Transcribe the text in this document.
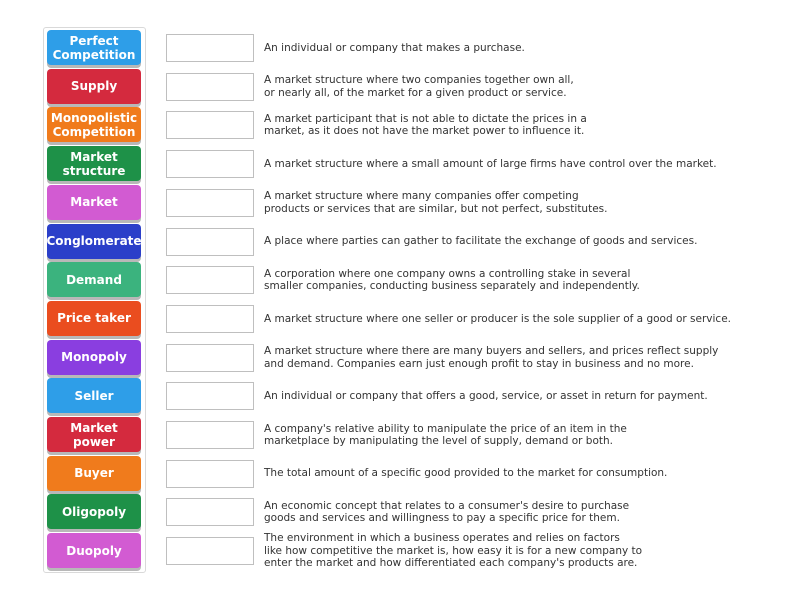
Perfect Competition
Supply
Monopolistic Competition
Market structure
Market
Conglomerate
Demand
Price taker
Monopoly
Seller
Market power
Buyer
Oligopoly
Duopoly
An individual or company that makes a purchase.
A market structure where two companies together own all,
or nearly all, of the market for a given product or service.
A market participant that is not able to dictate the prices in a
market, as it does not have the market power to influence it.
A market structure where a small amount of large firms have control over the market.
A market structure where many companies offer competing
products or services that are similar, but not perfect, substitutes.
A place where parties can gather to facilitate the exchange of goods and services.
A corporation where one company owns a controlling stake in several
smaller companies, conducting business separately and independently.
A market structure where one seller or producer is the sole supplier of a good or service.
A market structure where there are many buyers and sellers, and prices reflect supply
and demand. Companies earn just enough profit to stay in business and no more.
An individual or company that offers a good, service, or asset in return for payment.
A company's relative ability to manipulate the price of an item in the
marketplace by manipulating the level of supply, demand or both.
The total amount of a specific good provided to the market for consumption.
An economic concept that relates to a consumer's desire to purchase
goods and services and willingness to pay a specific price for them.
The environment in which a business operates and relies on factors
like how competitive the market is, how easy it is for a new company to
enter the market and how differentiated each company's products are.
